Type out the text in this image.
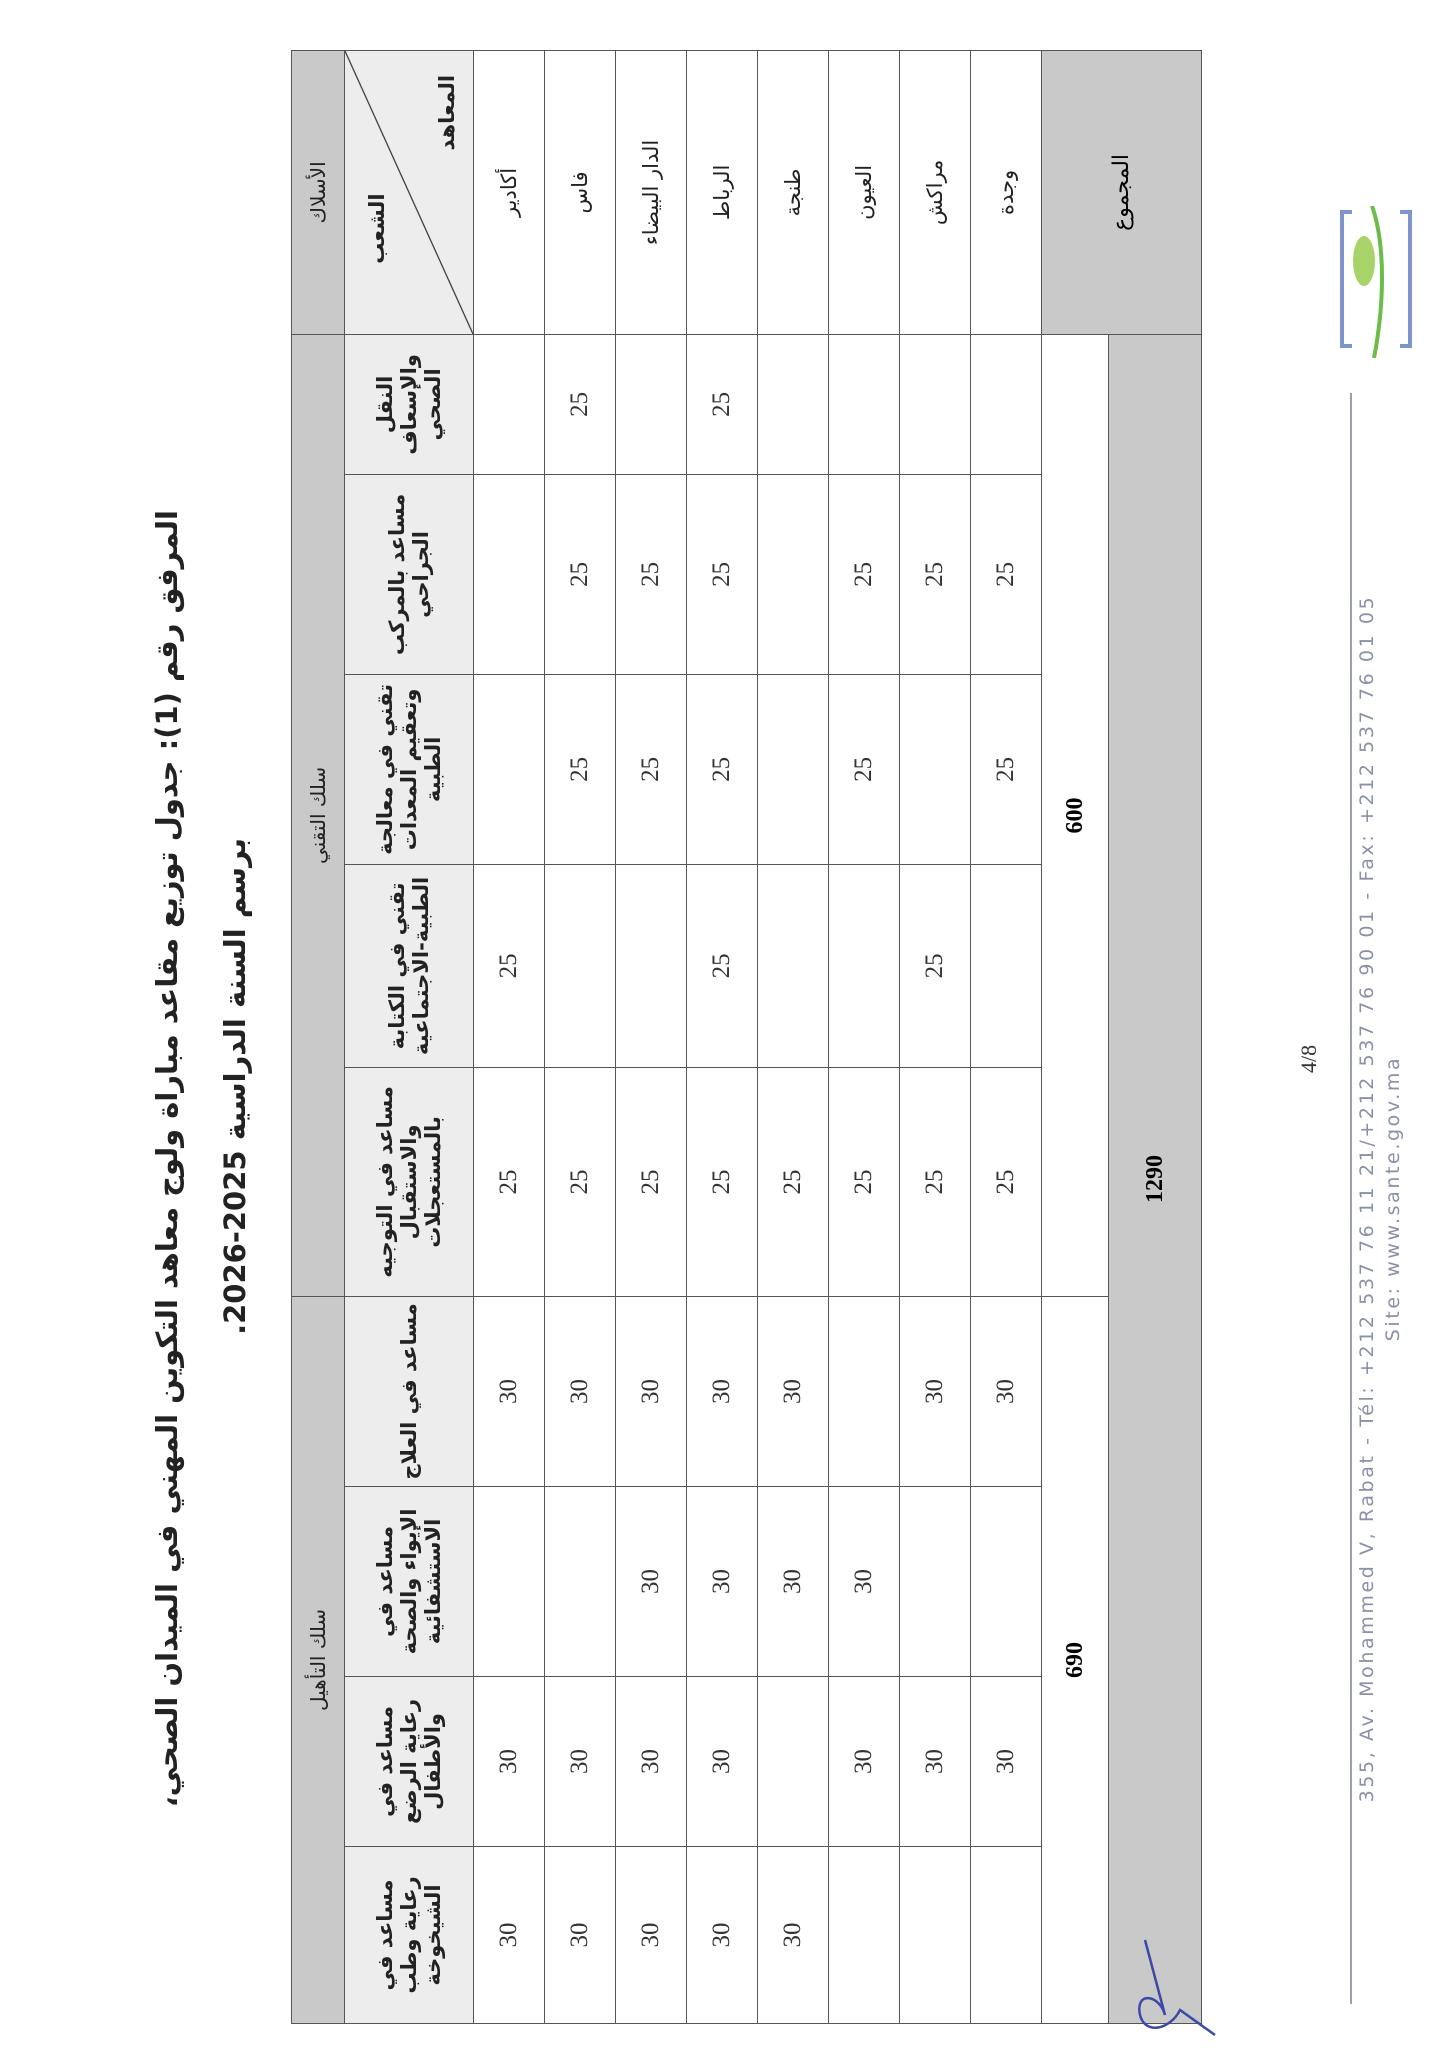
المرفق رقم (1): جدول توزيع مقاعد مباراة ولوج معاهد التكوين المهني في الميدان الصحي،
برسم السنة الدراسية 2025-2026.
الأسلاك	سلك التقني					سلك التأهيل			

الشعب
المعاهد	النقل والإسعاف الصحي	مساعد بالمركب الجراحي	تقني في معالجة وتعقيم المعدات الطبية	تقني في الكتابة الطبية-الاجتماعية	مساعد في التوجيه والاستقبال بالمستعجلات	مساعد في العلاج	مساعد في الإيواء والصحة الاستشفائية	مساعد في رعاية الرضع والأطفال	مساعد في رعاية وطب الشيخوخة
أكادير				25	25	30		30	30
فاس	25	25	25		25	30		30	30
الدار البيضاء		25	25		25	30	30	30	30
الرباط	25	25	25	25	25	30	30	30	30
طنجة					25	30	30		30
العيون		25	25		25		30	30	
مراكش		25		25	25	30		30	
وجدة		25	25		25	30		30	
المجموع	600					690			
	1290								
4/8 355, Av. Mohammed V, Rabat - Tél: +212 537 76 11 21/+212 537 76 90 01 - Fax: +212 537 76 01 05 Site: www.sante.gov.ma
